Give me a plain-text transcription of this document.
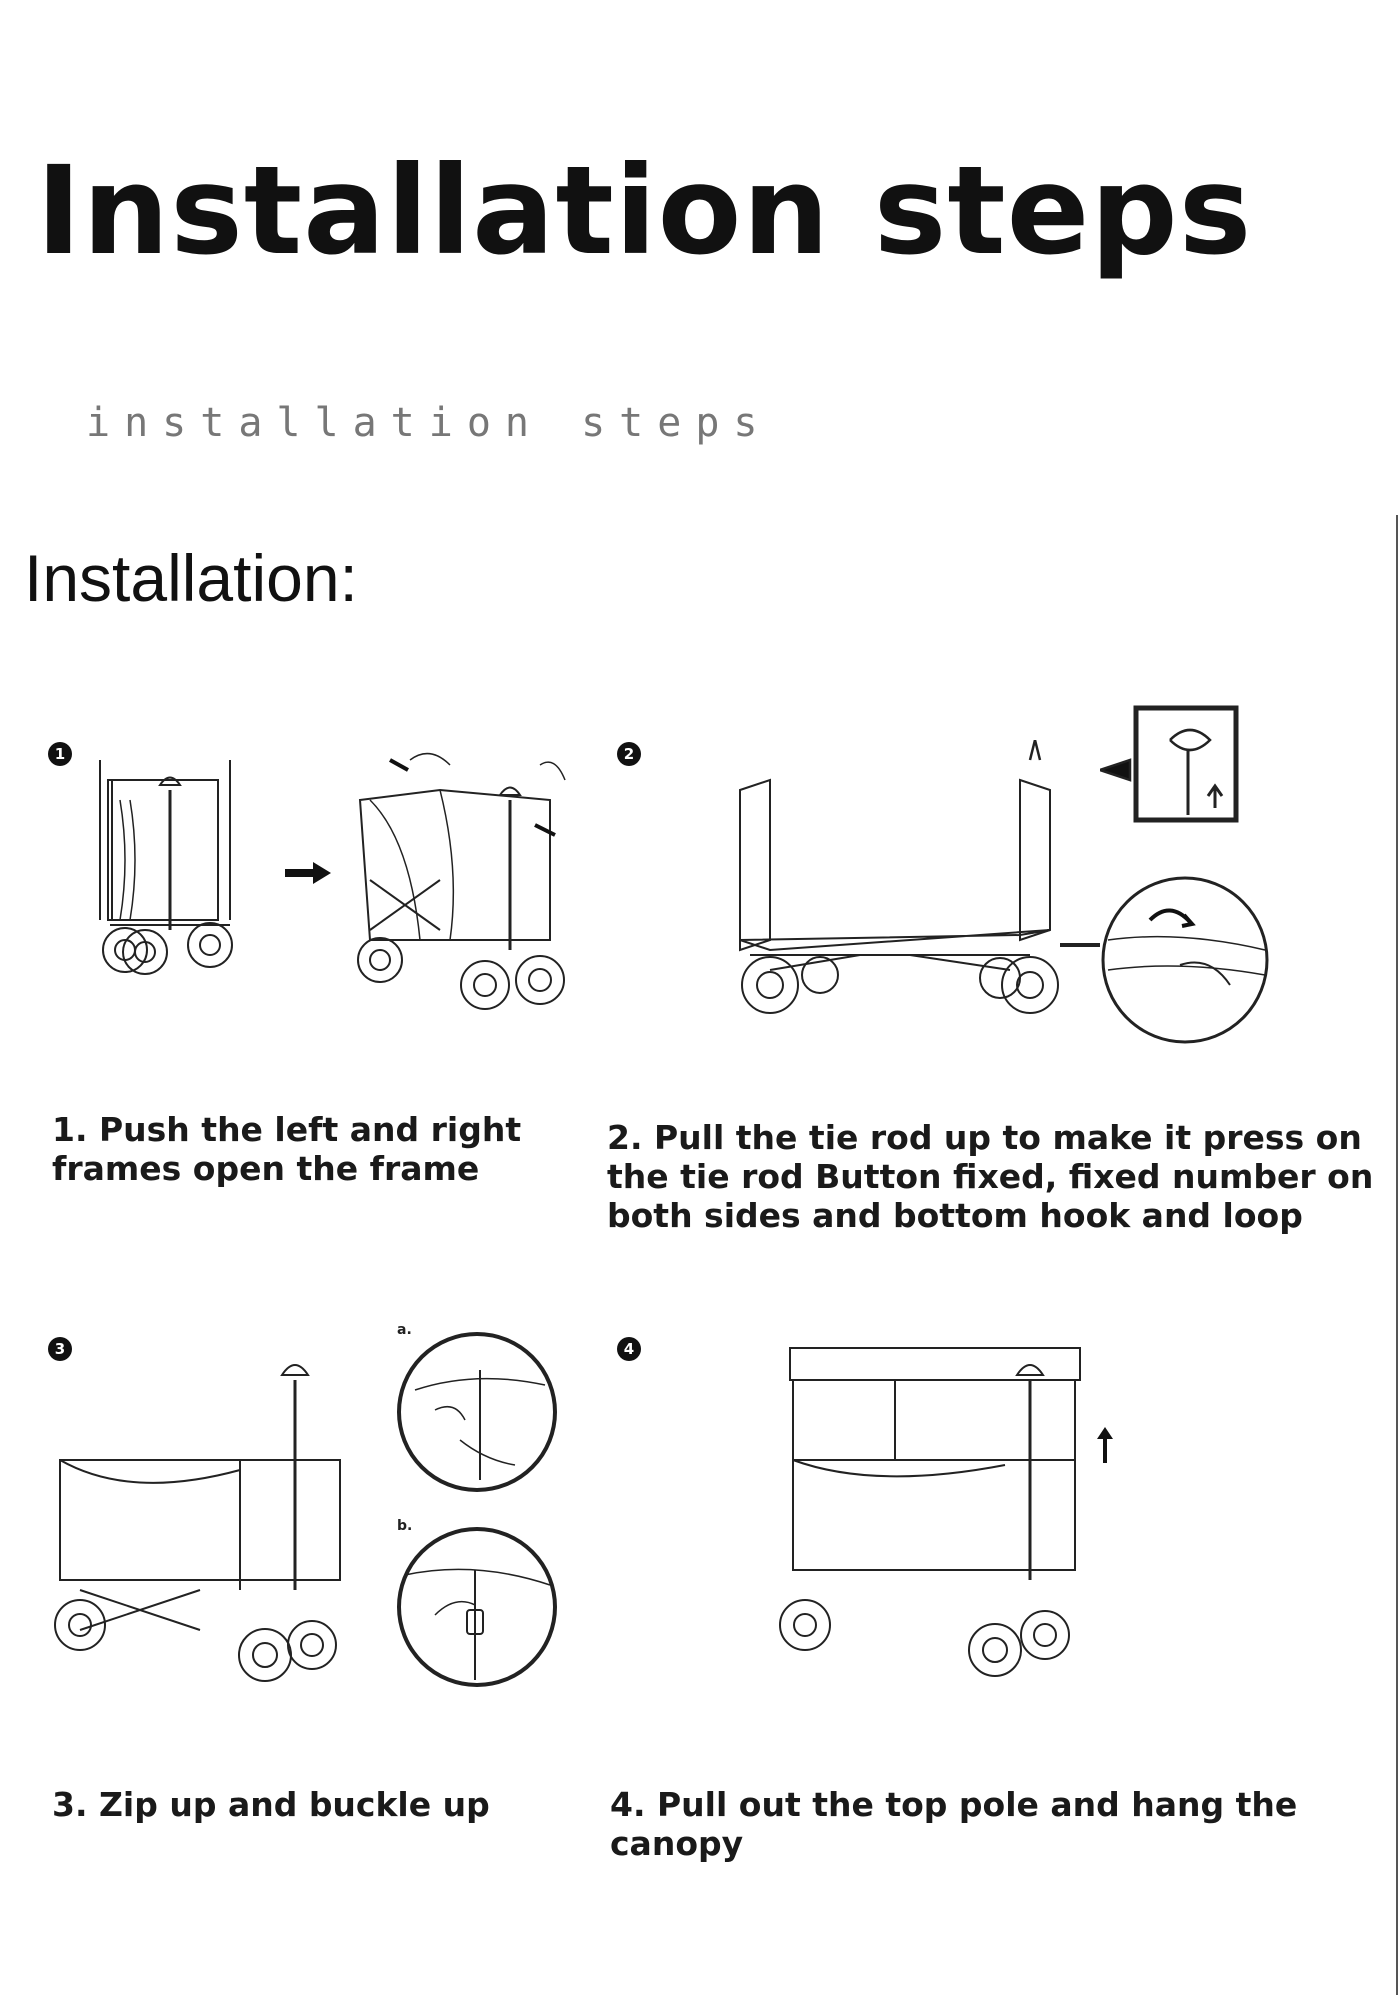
Installation steps
installation steps
Installation:
1
1. Push the left and right frames open the frame
2
2. Pull the tie rod up to make it press on the tie rod Button fixed, fixed number on both sides and bottom hook and loop
3
a.
b.
3. Zip up and buckle up
4
4. Pull out the top pole and hang the canopy
